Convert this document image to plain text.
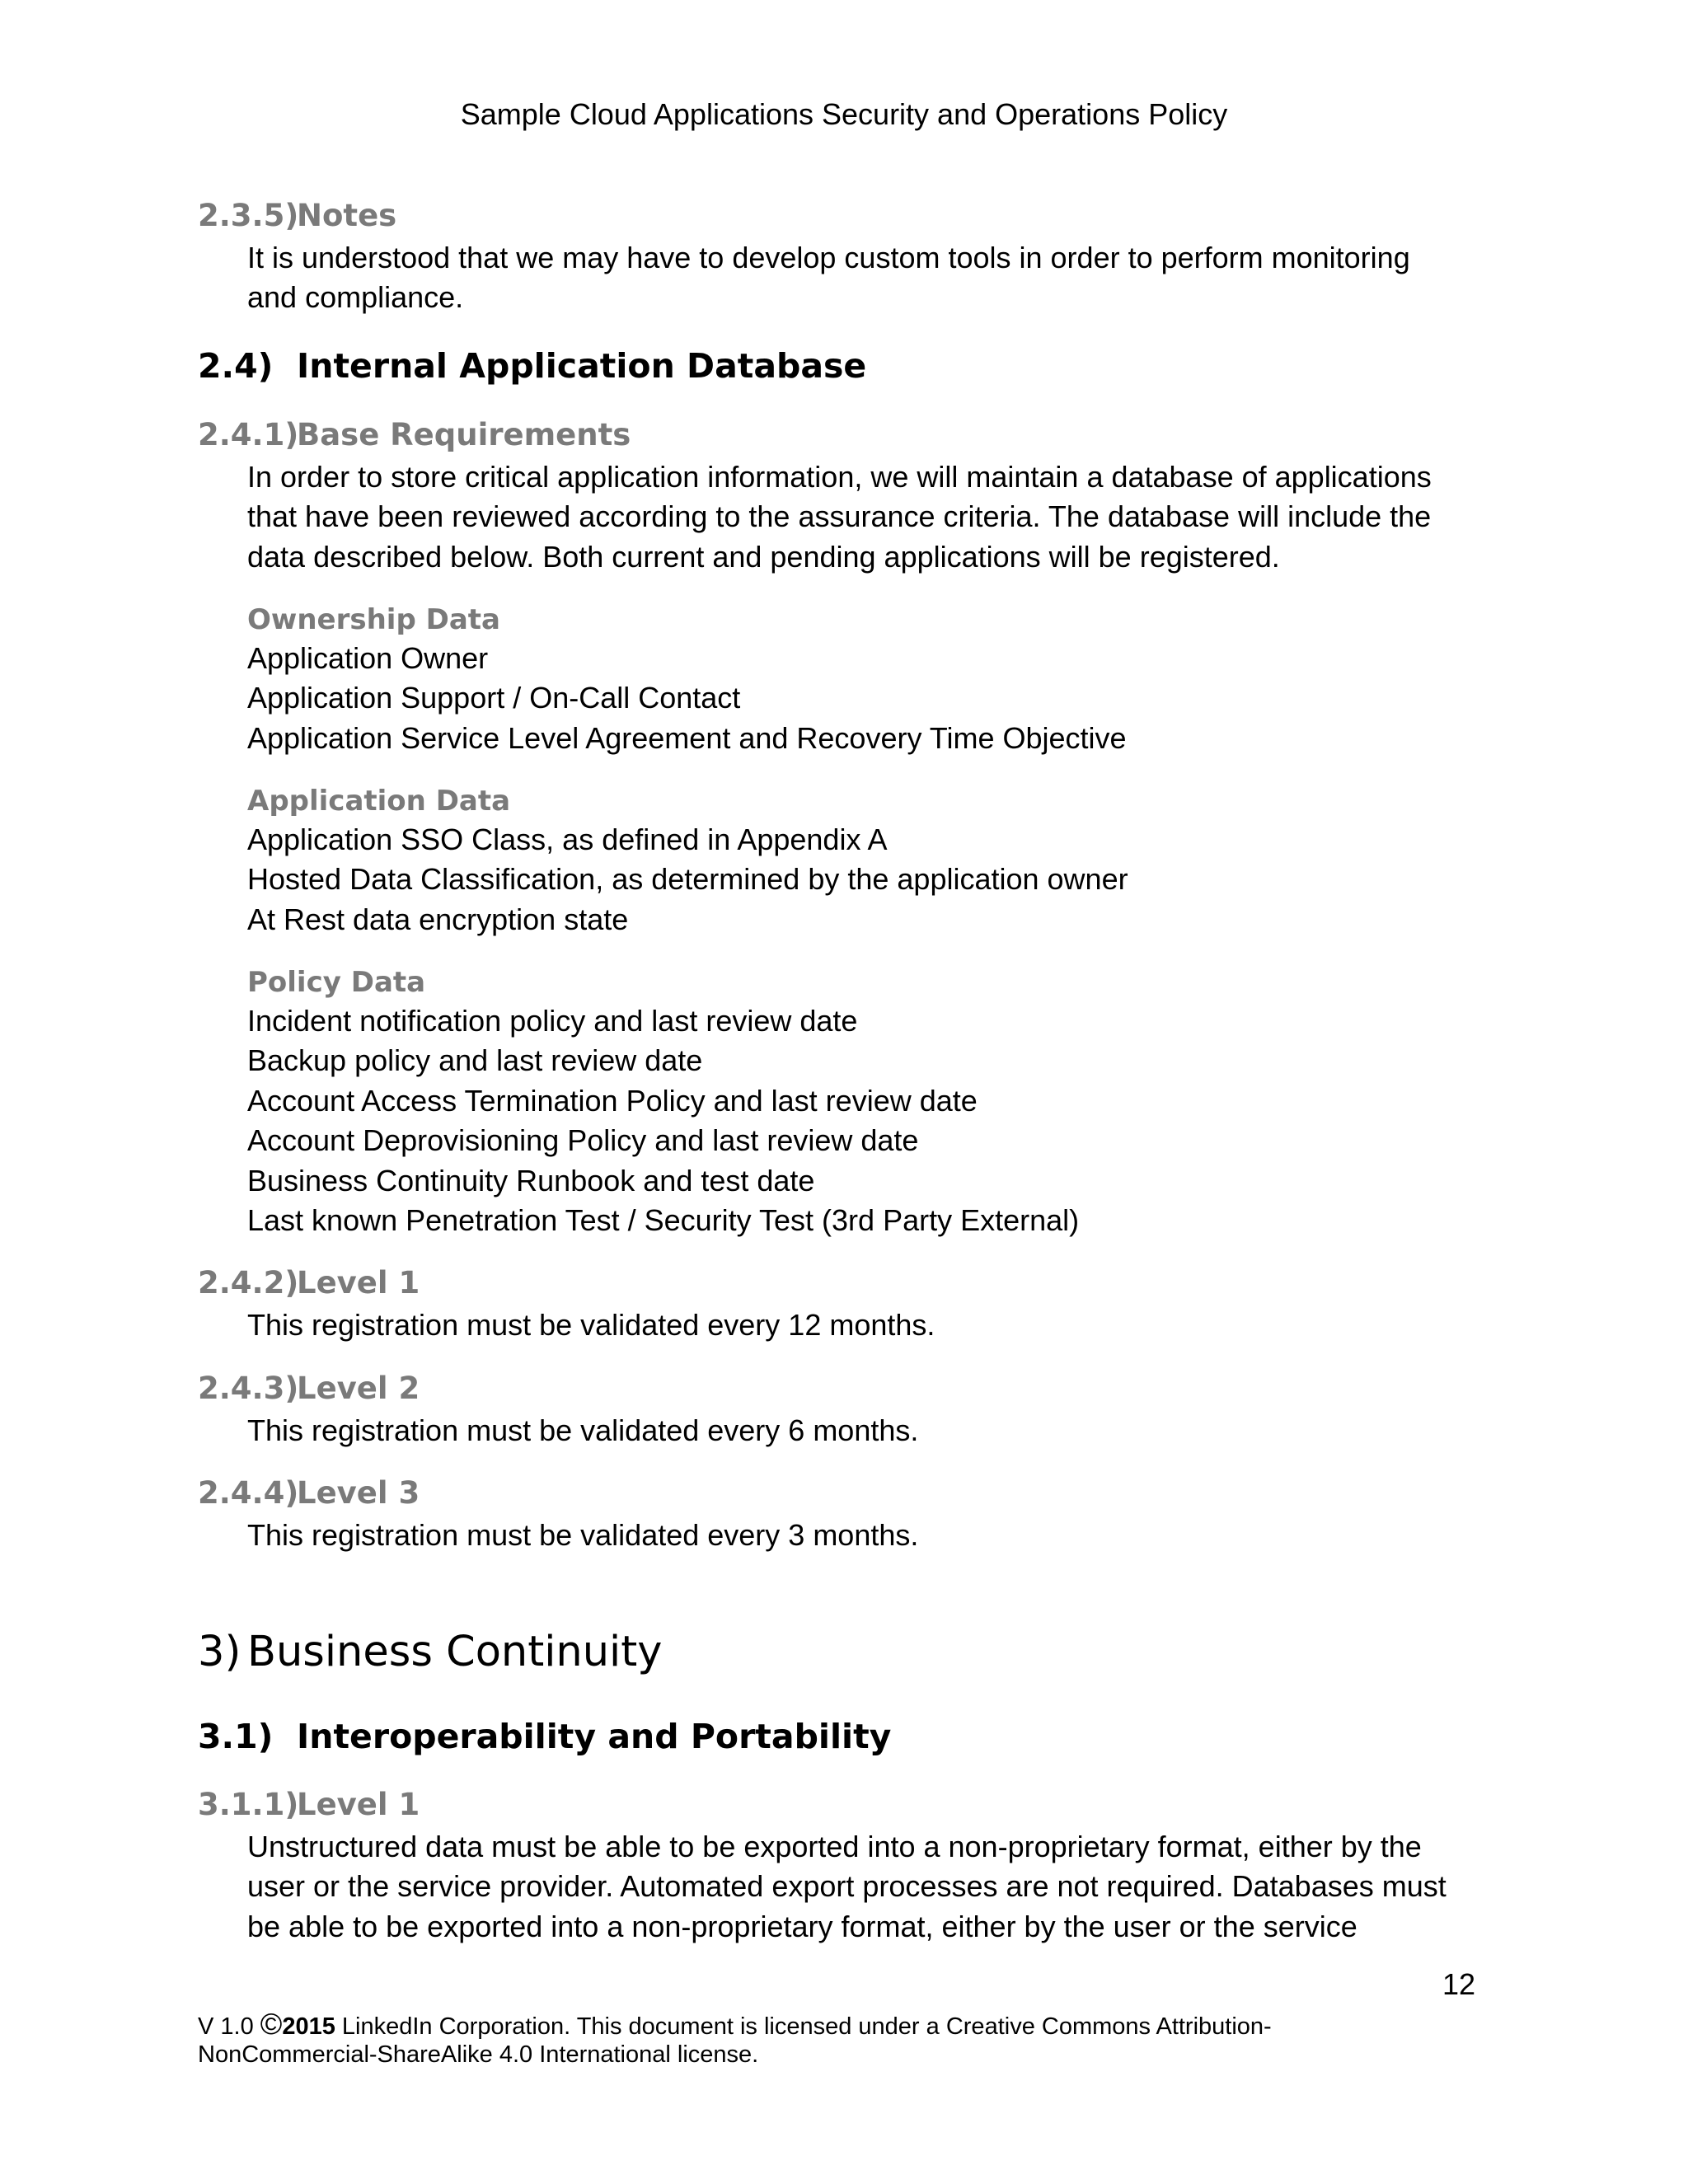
Sample Cloud Applications Security and Operations Policy
2.3.5)Notes
It is understood that we may have to develop custom tools in order to perform monitoring
and compliance.
2.4) Internal Application Database
2.4.1)Base Requirements
In order to store critical application information, we will maintain a database of applications
that have been reviewed according to the assurance criteria. The database will include the
data described below. Both current and pending applications will be registered.
Ownership Data
Application Owner
Application Support / On-Call Contact
Application Service Level Agreement and Recovery Time Objective
Application Data
Application SSO Class, as defined in Appendix A
Hosted Data Classification, as determined by the application owner
At Rest data encryption state
Policy Data
Incident notification policy and last review date
Backup policy and last review date
Account Access Termination Policy and last review date
Account Deprovisioning Policy and last review date
Business Continuity Runbook and test date
Last known Penetration Test / Security Test (3rd Party External)
2.4.2)Level 1
This registration must be validated every 12 months.
2.4.3)Level 2
This registration must be validated every 6 months.
2.4.4)Level 3
This registration must be validated every 3 months.
3) Business Continuity
3.1) Interoperability and Portability
3.1.1)Level 1
Unstructured data must be able to be exported into a non-proprietary format, either by the
user or the service provider. Automated export processes are not required. Databases must
be able to be exported into a non-proprietary format, either by the user or the service
12
V 1.0 ©2015 LinkedIn Corporation. This document is licensed under a Creative Commons Attribution-
NonCommercial-ShareAlike 4.0 International license.
